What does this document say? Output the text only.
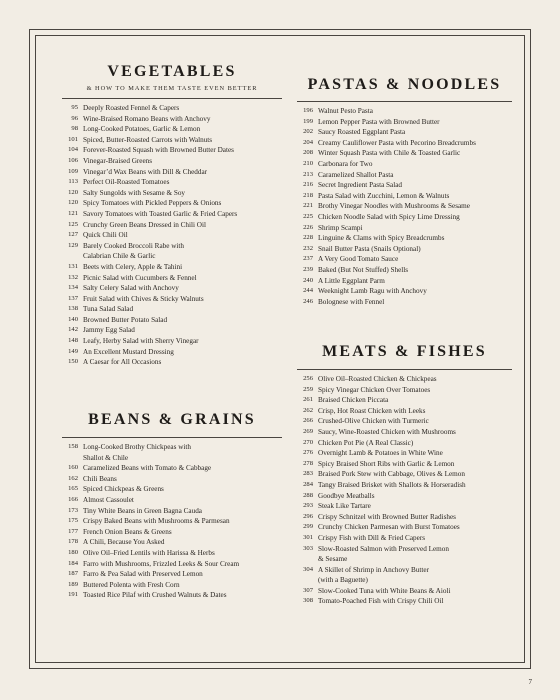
VEGETABLES
& HOW TO MAKE THEM TASTE EVEN BETTER
95 Deeply Roasted Fennel & Capers
96 Wine-Braised Romano Beans with Anchovy
98 Long-Cooked Potatoes, Garlic & Lemon
101 Spiced, Butter-Roasted Carrots with Walnuts
104 Forever-Roasted Squash with Browned Butter Dates
106 Vinegar-Braised Greens
109 Vinegar’d Wax Beans with Dill & Cheddar
113 Perfect Oil-Roasted Tomatoes
120 Salty Sungolds with Sesame & Soy
120 Spicy Tomatoes with Pickled Peppers & Onions
121 Savory Tomatoes with Toasted Garlic & Fried Capers
125 Crunchy Green Beans Dressed in Chili Oil
127 Quick Chili Oil
129 Barely Cooked Broccoli Rabe with
Calabrian Chile & Garlic
131 Beets with Celery, Apple & Tahini
132 Picnic Salad with Cucumbers & Fennel
134 Salty Celery Salad with Anchovy
137 Fruit Salad with Chives & Sticky Walnuts
138 Tuna Salad Salad
140 Browned Butter Potato Salad
142 Jammy Egg Salad
148 Leafy, Herby Salad with Sherry Vinegar
149 An Excellent Mustard Dressing
150 A Caesar for All Occasions
BEANS & GRAINS
158 Long-Cooked Brothy Chickpeas with
Shallot & Chile
160 Caramelized Beans with Tomato & Cabbage
162 Chili Beans
165 Spiced Chickpeas & Greens
166 Almost Cassoulet
173 Tiny White Beans in Green Bagna Cauda
175 Crispy Baked Beans with Mushrooms & Parmesan
177 French Onion Beans & Greens
178 A Chili, Because You Asked
180 Olive Oil–Fried Lentils with Harissa & Herbs
184 Farro with Mushrooms, Frizzled Leeks & Sour Cream
187 Farro & Pea Salad with Preserved Lemon
189 Buttered Polenta with Fresh Corn
191 Toasted Rice Pilaf with Crushed Walnuts & Dates
PASTAS & NOODLES
196 Walnut Pesto Pasta
199 Lemon Pepper Pasta with Browned Butter
202 Saucy Roasted Eggplant Pasta
204 Creamy Cauliflower Pasta with Pecorino Breadcrumbs
208 Winter Squash Pasta with Chile & Toasted Garlic
210 Carbonara for Two
213 Caramelized Shallot Pasta
216 Secret Ingredient Pasta Salad
218 Pasta Salad with Zucchini, Lemon & Walnuts
221 Brothy Vinegar Noodles with Mushrooms & Sesame
225 Chicken Noodle Salad with Spicy Lime Dressing
226 Shrimp Scampi
228 Linguine & Clams with Spicy Breadcrumbs
232 Snail Butter Pasta (Snails Optional)
237 A Very Good Tomato Sauce
239 Baked (But Not Stuffed) Shells
240 A Little Eggplant Parm
244 Weeknight Lamb Ragu with Anchovy
246 Bolognese with Fennel
MEATS & FISHES
256 Olive Oil–Roasted Chicken & Chickpeas
259 Spicy Vinegar Chicken Over Tomatoes
261 Braised Chicken Piccata
262 Crisp, Hot Roast Chicken with Leeks
266 Crushed-Olive Chicken with Turmeric
269 Saucy, Wine-Roasted Chicken with Mushrooms
270 Chicken Pot Pie (A Real Classic)
276 Overnight Lamb & Potatoes in White Wine
278 Spicy Braised Short Ribs with Garlic & Lemon
283 Braised Pork Stew with Cabbage, Olives & Lemon
284 Tangy Braised Brisket with Shallots & Horseradish
288 Goodbye Meatballs
293 Steak Like Tartare
296 Crispy Schnitzel with Browned Butter Radishes
299 Crunchy Chicken Parmesan with Burst Tomatoes
301 Crispy Fish with Dill & Fried Capers
303 Slow-Roasted Salmon with Preserved Lemon
& Sesame
304 A Skillet of Shrimp in Anchovy Butter
(with a Baguette)
307 Slow-Cooked Tuna with White Beans & Aioli
308 Tomato-Poached Fish with Crispy Chili Oil
7
